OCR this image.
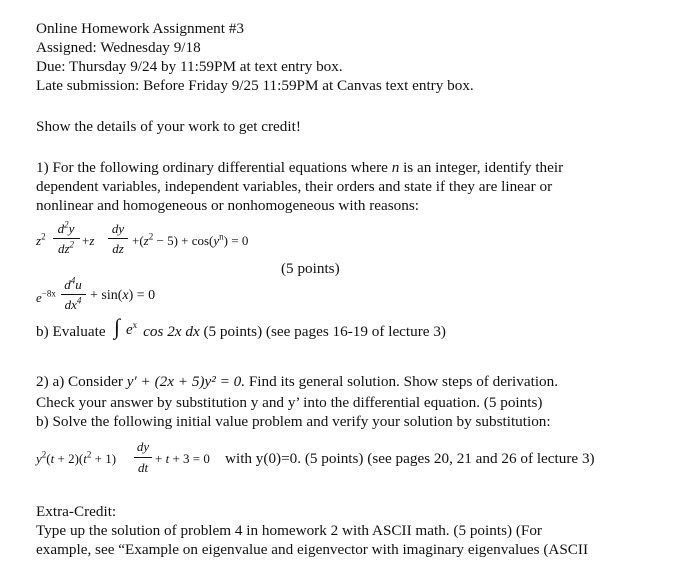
Online Homework Assignment #3
Assigned: Wednesday 9/18
Due: Thursday 9/24 by 11:59PM at text entry box.
Late submission: Before Friday 9/25 11:59PM at Canvas text entry box.
Show the details of your work to get credit!
1) For the following ordinary differential equations where n is an integer, identify their
dependent variables, independent variables, their orders and state if they are linear or
nonlinear and homogeneous or nonhomogeneous with reasons:
$z^2$
$d^2y$
$dz^2 +z$
dy
dz
$+(z^2 - 5) + \cos(y^n) = 0$
(5 points)
$e^{-8x}$
$d^4u$
$dx^4 + \sin(x) = 0$
b) Evaluate cos 2x dx (5 points) (see pages 16-19 of lecture 3)
∫ $e^x$
2) a) Consider y′ + (2x + 5)y² = 0. Find its general solution. Show steps of derivation.
Check your answer by substitution y and y’ into the differential equation. (5 points)
b) Solve the following initial value problem and verify your solution by substitution:
$y^2(t + 2)(t^2 + 1)$
dy
dt
+ t + 3 = 0 with y(0)=0. (5 points) (see pages 20, 21 and 26 of lecture 3)
Extra-Credit:
Type up the solution of problem 4 in homework 2 with ASCII math. (5 points) (For
example, see “Example on eigenvalue and eigenvector with imaginary eigenvalues (ASCII
